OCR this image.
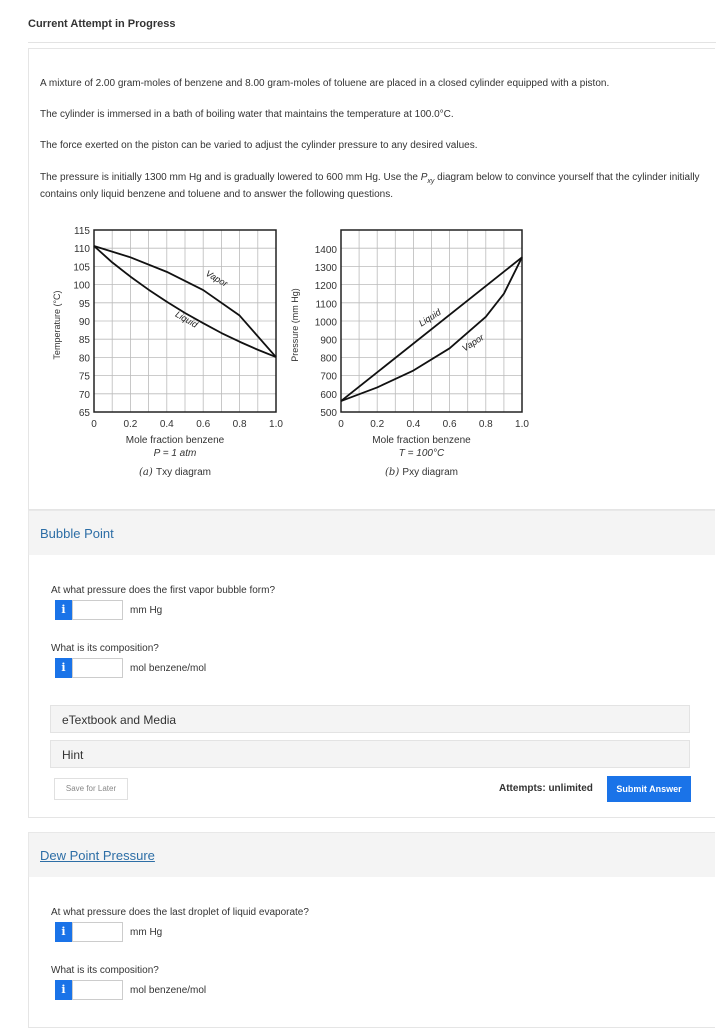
Current Attempt in Progress
A mixture of 2.00 gram-moles of benzene and 8.00 gram-moles of toluene are placed in a closed cylinder equipped with a piston.
The cylinder is immersed in a bath of boiling water that maintains the temperature at 100.0°C.
The force exerted on the piston can be varied to adjust the cylinder pressure to any desired values.
The pressure is initially 1300 mm Hg and is gradually lowered to 600 mm Hg. Use the $P_{xy}$ diagram below to convince yourself that the cylinder initially contains only liquid benzene and toluene and to answer the following questions.
0	0.2 0.4 0.6 0.8 1.0
115
110
105
100
95
90
85
80
75
70
65
Temperature (°C)
Mole fraction benzene
P = 1 atm
(a) Txy diagram
Liquid
Vapor
0	0.2 0.4 0.6 0.8 1.0
1400
1300
1200
1100
1000
900
800
700
600
500
Pressure (mm Hg)
Mole fraction benzene
T = 100°C
(b) Pxy diagram
Liquid
Vapor
Bubble Point
At what pressure does the first vapor bubble form?
i	mm Hg
What is its composition?
i	mol benzene/mol
eTextbook and Media
Hint
Save for Later	Attempts: unlimited	Submit Answer
Dew Point Pressure
At what pressure does the last droplet of liquid evaporate?
i	mm Hg
What is its composition?
i	mol benzene/mol
